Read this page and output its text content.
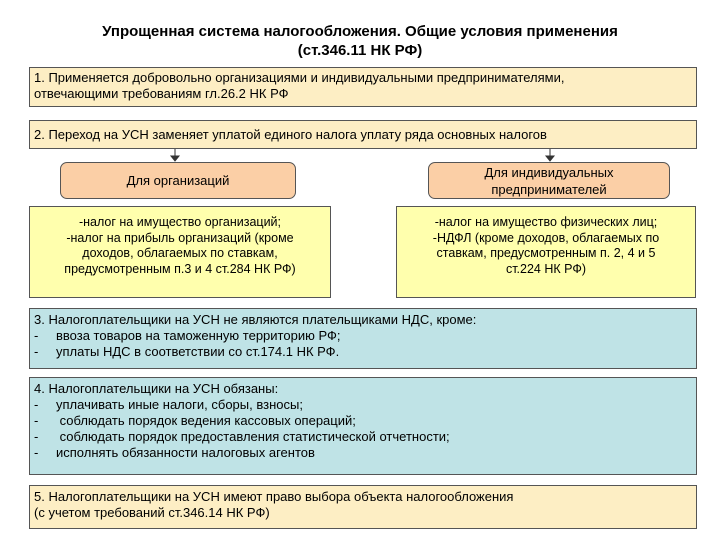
Упрощенная система налогообложения. Общие условия применения
(ст.346.11 НК РФ)
1. Применяется добровольно организациями и индивидуальными предпринимателями,
отвечающими требованиям гл.26.2 НК РФ
2. Переход на УСН заменяет уплатой единого налога уплату ряда основных налогов
Для организаций
Для индивидуальных
предпринимателей
-налог на имущество организаций;
-налог на прибыль организаций (кроме
доходов, облагаемых по ставкам,
предусмотренным п.3 и 4 ст.284 НК РФ)
-налог на имущество физических лиц;
-НДФЛ (кроме доходов, облагаемых по
ставкам, предусмотренным п. 2, 4 и 5
ст.224 НК РФ)
3. Налогоплательщики на УСН не являются плательщиками НДС, кроме:
-	ввоза товаров на таможенную территорию РФ;
-	уплаты НДС в соответствии со ст.174.1 НК РФ.
4. Налогоплательщики на УСН обязаны:
-	уплачивать иные налоги, сборы, взносы;
-	соблюдать порядок ведения кассовых операций;
-	соблюдать порядок предоставления статистической отчетности;
-	исполнять обязанности налоговых агентов
5. Налогоплательщики на УСН имеют право выбора объекта налогообложения
(с учетом требований ст.346.14 НК РФ)
